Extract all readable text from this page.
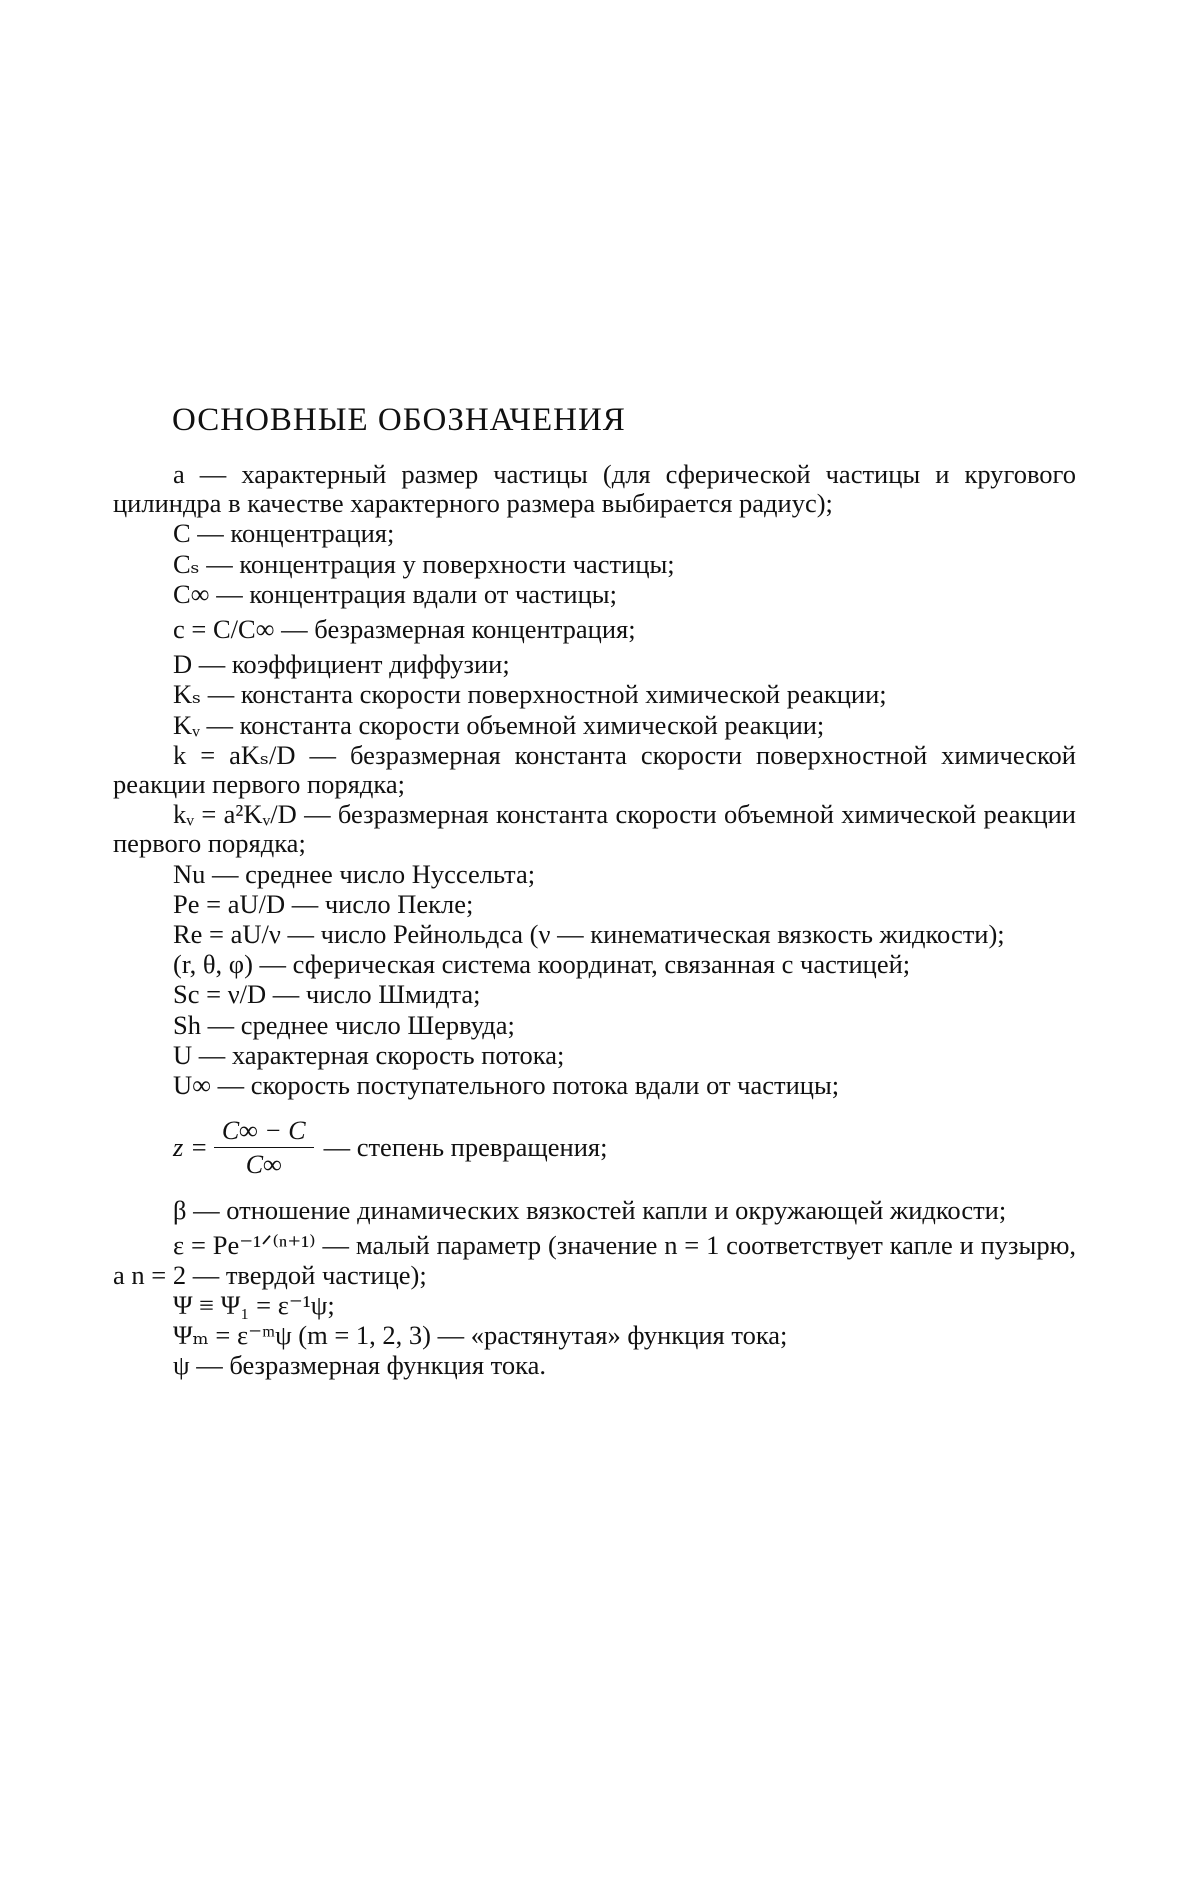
ОСНОВНЫЕ ОБОЗНАЧЕНИЯ

a — характерный размер частицы (для сферической частицы и кругового цилиндра в качестве характерного размера выбирается радиус);

C — концентрация;

Cₛ — концентрация у поверхности частицы;

C∞ — концентрация вдали от частицы;

c = C/C∞ — безразмерная концентрация;

D — коэффициент диффузии;

Kₛ — константа скорости поверхностной химической реакции;

Kᵥ — константа скорости объемной химической реакции;

k = aKₛ/D — безразмерная константа скорости поверхностной химической реакции первого порядка;

kᵥ = a²Kᵥ/D — безразмерная константа скорости объемной химической реакции первого порядка;

Nu — среднее число Нуссельта;

Pe = aU/D — число Пекле;

Re = aU/ν — число Рейнольдса (ν — кинематическая вязкость жидкости);

(r, θ, φ) — сферическая система координат, связанная с частицей;

Sc = ν/D — число Шмидта;

Sh — среднее число Шервуда;

U — характерная скорость потока;

U∞ — скорость поступательного потока вдали от частицы;

$z = \frac{C\infty - C}{C\infty}$ — степень превращения;

β — отношение динамических вязкостей капли и окружающей жидкости;

ε = Pe⁻¹ᐟ⁽ⁿ⁺¹⁾ — малый параметр (значение n = 1 соответствует капле и пузырю, а n = 2 — твердой частице);

Ψ ≡ Ψ₁ = ε⁻¹ψ;

Ψₘ = ε⁻ᵐψ (m = 1, 2, 3) — «растянутая» функция тока;

ψ — безразмерная функция тока.
